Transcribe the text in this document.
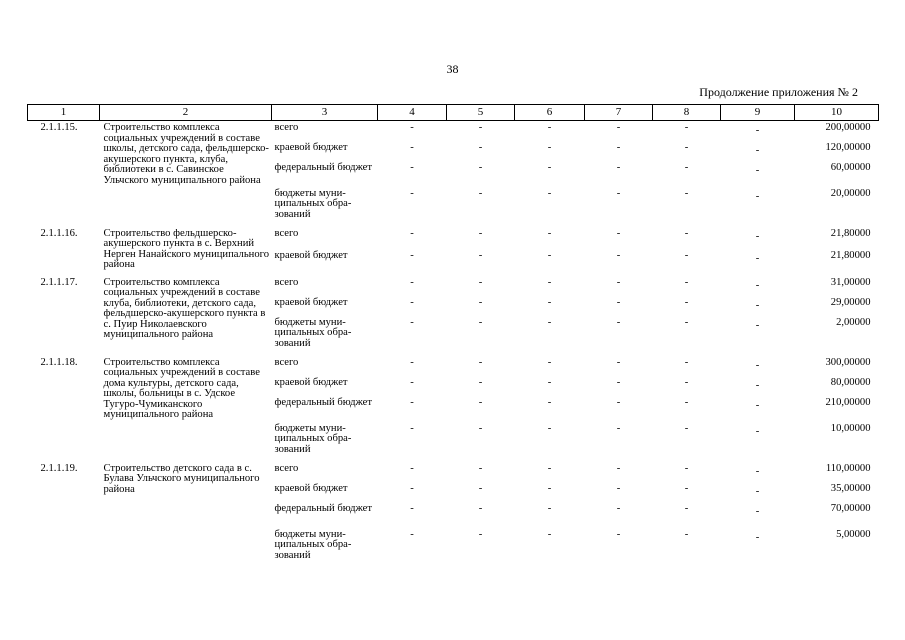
38
Продолжение приложения № 2
1	2	3	4	5	6	7	8	9	10
2.1.1.15.	Строительство комплекса социальных учреждений в составе школы, детского сада, фельдшерско-акушерского пункта, клуба, библиотеки в с. Савинское Ульчского муниципального района	всего	-	-	-	-	-	-	200,00000
		краевой бюджет	-	-	-	-	-	-	120,00000
		федеральный бюджет	-	-	-	-	-	-	60,00000
		бюджеты муни-ципальных обра-зований	-	-	-	-	-	-	20,00000

2.1.1.16.	Строительство фельдшерско-акушерского пункта в с. Верхний Нерген Нанайского муниципального района	всего	-	-	-	-	-	-	21,80000
		краевой бюджет	-	-	-	-	-	-	21,80000

2.1.1.17.	Строительство комплекса социальных учреждений в составе клуба, библиотеки, детского сада, фельдшерско-акушерского пункта в с. Пуир Николаевского муниципального района	всего	-	-	-	-	-	-	31,00000
		краевой бюджет	-	-	-	-	-	-	29,00000
		бюджеты муни-ципальных обра-зований	-	-	-	-	-	-	2,00000

2.1.1.18.	Строительство комплекса социальных учреждений в составе дома культуры, детского сада, школы, больницы в с. Удское Тугуро-Чумиканского муниципального района	всего	-	-	-	-	-	-	300,00000
		краевой бюджет	-	-	-	-	-	-	80,00000
		федеральный бюджет	-	-	-	-	-	-	210,00000
		бюджеты муни-ципальных обра-зований	-	-	-	-	-	-	10,00000

2.1.1.19.	Строительство детского сада в с. Булава Ульчского муниципального района	всего	-	-	-	-	-	-	110,00000
		краевой бюджет	-	-	-	-	-	-	35,00000
		федеральный бюджет	-	-	-	-	-	-	70,00000
		бюджеты муни-ципальных обра-зований	-	-	-	-	-	-	5,00000
